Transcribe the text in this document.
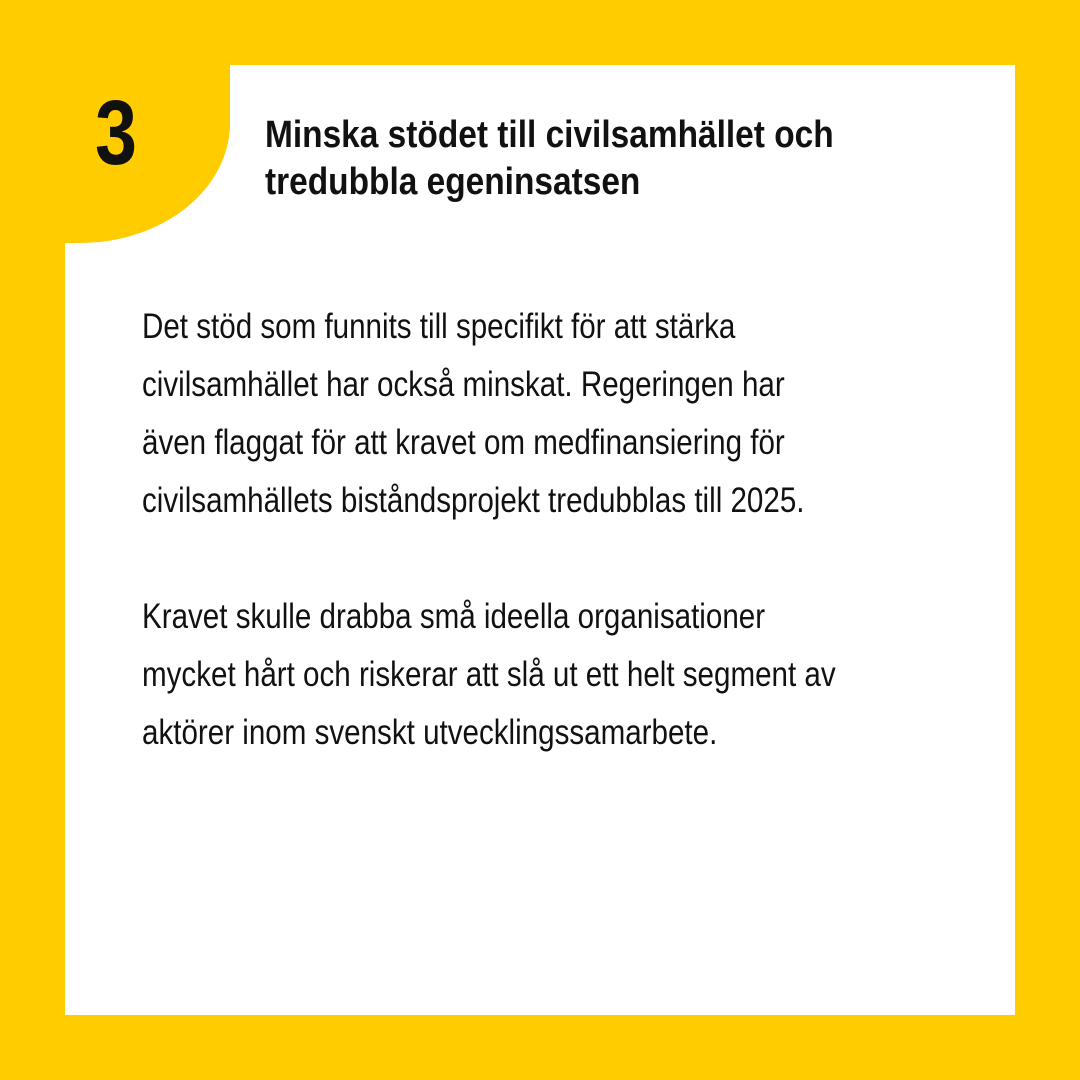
3	Minska stödet till civilsamhället och
tredubbla egeninsatsen

Det stöd som funnits till specifikt för att stärka
civilsamhället har också minskat. Regeringen har
även flaggat för att kravet om medfinansiering för
civilsamhällets biståndsprojekt tredubblas till 2025.

Kravet skulle drabba små ideella organisationer
mycket hårt och riskerar att slå ut ett helt segment av
aktörer inom svenskt utvecklingssamarbete.
